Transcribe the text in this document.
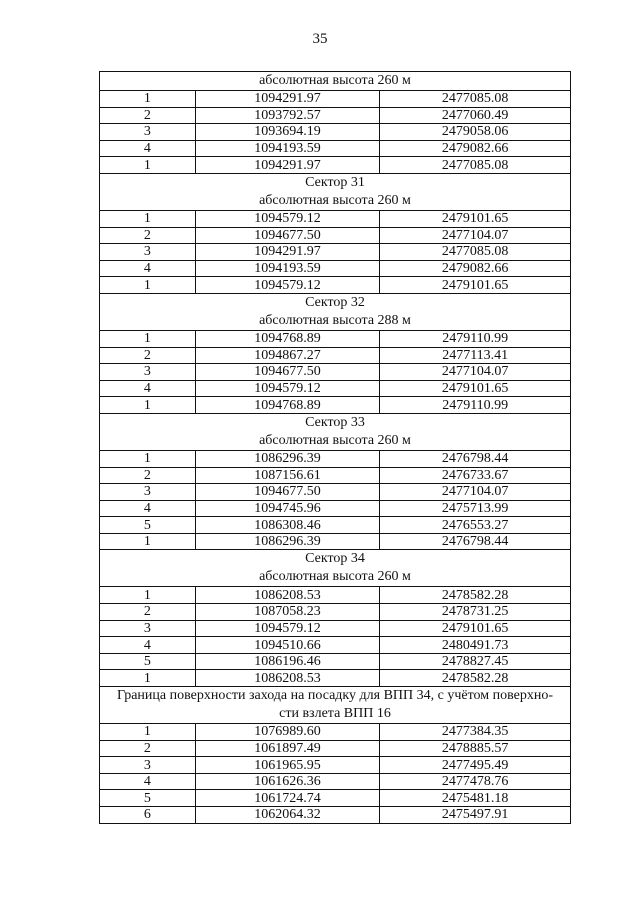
35
абсолютная высота 260 м		

1	1094291.97	2477085.08
2	1093792.57	2477060.49
3	1093694.19	2479058.06
4	1094193.59	2479082.66
1	1094291.97	2477085.08

Сектор 31
абсолютная высота 260 м		

1	1094579.12	2479101.65
2	1094677.50	2477104.07
3	1094291.97	2477085.08
4	1094193.59	2479082.66
1	1094579.12	2479101.65

Сектор 32
абсолютная высота 288 м		

1	1094768.89	2479110.99
2	1094867.27	2477113.41
3	1094677.50	2477104.07
4	1094579.12	2479101.65
1	1094768.89	2479110.99

Сектор 33
абсолютная высота 260 м		

1	1086296.39	2476798.44
2	1087156.61	2476733.67
3	1094677.50	2477104.07
4	1094745.96	2475713.99
5	1086308.46	2476553.27
1	1086296.39	2476798.44

Сектор 34
абсолютная высота 260 м		

1	1086208.53	2478582.28
2	1087058.23	2478731.25
3	1094579.12	2479101.65
4	1094510.66	2480491.73
5	1086196.46	2478827.45
1	1086208.53	2478582.28

Граница поверхности захода на посадку для ВПП 34, с учётом поверхно-
сти взлета ВПП 16		

1	1076989.60	2477384.35
2	1061897.49	2478885.57
3	1061965.95	2477495.49
4	1061626.36	2477478.76
5	1061724.74	2475481.18
6	1062064.32	2475497.91
